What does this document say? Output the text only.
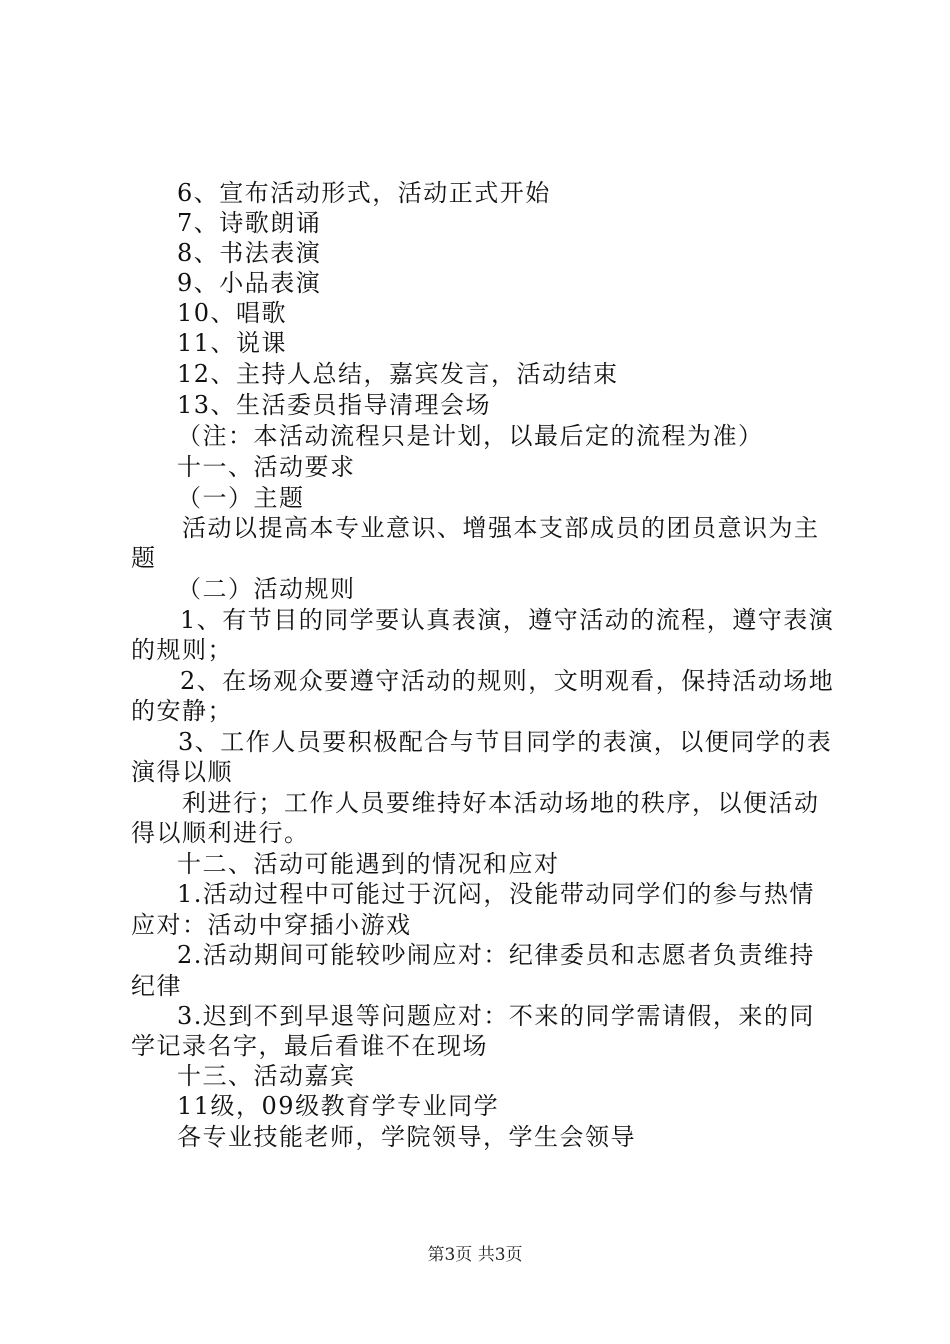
6、宣布活动形式，活动正式开始
7、诗歌朗诵
8、书法表演
9、小品表演
10、唱歌
11、说课
12、主持人总结，嘉宾发言，活动结束
13、生活委员指导清理会场
（注：本活动流程只是计划，以最后定的流程为准）
十一、活动要求
（一）主题
活动以提高本专业意识、增强本支部成员的团员意识为主
题
（二）活动规则
1、有节目的同学要认真表演，遵守活动的流程，遵守表演
的规则；
2、在场观众要遵守活动的规则，文明观看，保持活动场地
的安静；
3、工作人员要积极配合与节目同学的表演，以便同学的表
演得以顺
利进行；工作人员要维持好本活动场地的秩序，以便活动
得以顺利进行。
十二、活动可能遇到的情况和应对
1.活动过程中可能过于沉闷，没能带动同学们的参与热情
应对：活动中穿插小游戏
2.活动期间可能较吵闹应对：纪律委员和志愿者负责维持
纪律
3.迟到不到早退等问题应对：不来的同学需请假，来的同
学记录名字，最后看谁不在现场
十三、活动嘉宾
11级，09级教育学专业同学
各专业技能老师，学院领导，学生会领导
第3页 共3页
